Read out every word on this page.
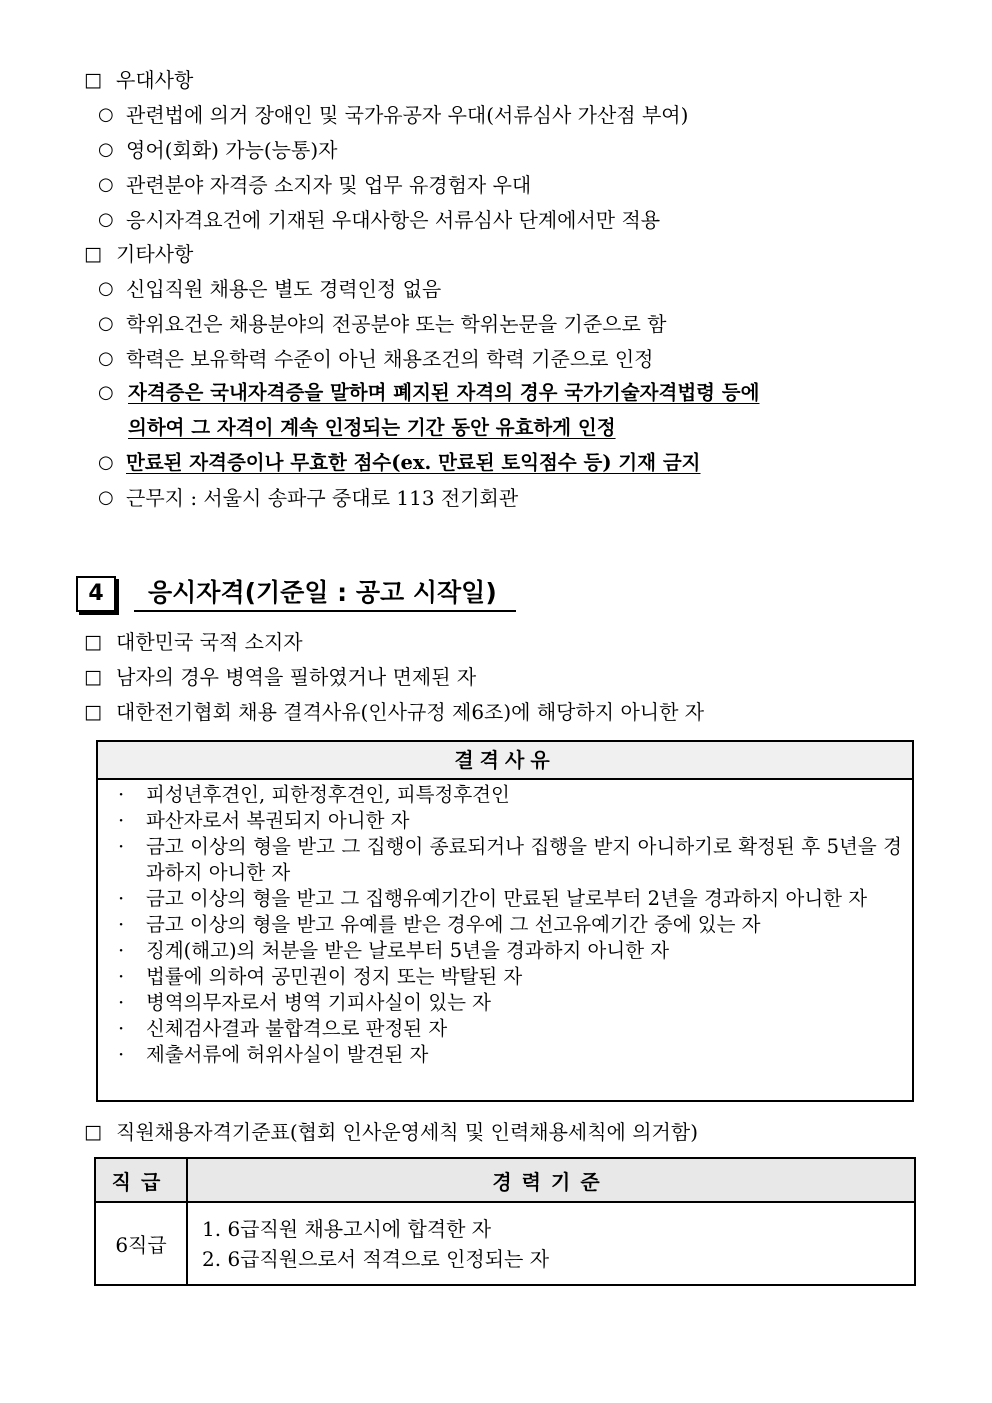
□ 우대사항
○ 관련법에 의거 장애인 및 국가유공자 우대(서류심사 가산점 부여)
○ 영어(회화) 가능(능통)자
○ 관련분야 자격증 소지자 및 업무 유경험자 우대
○ 응시자격요건에 기재된 우대사항은 서류심사 단계에서만 적용
□ 기타사항
○ 신입직원 채용은 별도 경력인정 없음
○ 학위요건은 채용분야의 전공분야 또는 학위논문을 기준으로 함
○ 학력은 보유학력 수준이 아닌 채용조건의 학력 기준으로 인정
○ 자격증은 국내자격증을 말하며 폐지된 자격의 경우 국가기술자격법령 등에
의하여 그 자격이 계속 인정되는 기간 동안 유효하게 인정
○ 만료된 자격증이나 무효한 점수(ex. 만료된 토익점수 등) 기재 금지
○ 근무지 : 서울시 송파구 중대로 113 전기회관
4	응시자격(기준일 : 공고 시작일)
□ 대한민국 국적 소지자
□ 남자의 경우 병역을 필하였거나 면제된 자
□ 대한전기협회 채용 결격사유(인사규정 제6조)에 해당하지 아니한 자
결격사유
· 피성년후견인, 피한정후견인, 피특정후견인
· 파산자로서 복권되지 아니한 자
· 금고 이상의 형을 받고 그 집행이 종료되거나 집행을 받지 아니하기로 확정된 후 5년을 경과하지 아니한 자
· 금고 이상의 형을 받고 그 집행유예기간이 만료된 날로부터 2년을 경과하지 아니한 자
· 금고 이상의 형을 받고 유예를 받은 경우에 그 선고유예기간 중에 있는 자
· 징계(해고)의 처분을 받은 날로부터 5년을 경과하지 아니한 자
· 법률에 의하여 공민권이 정지 또는 박탈된 자
· 병역의무자로서 병역 기피사실이 있는 자
· 신체검사결과 불합격으로 판정된 자
· 제출서류에 허위사실이 발견된 자
□ 직원채용자격기준표(협회 인사운영세칙 및 인력채용세칙에 의거함)
직급	경력기준
6직급	1. 6급직원 채용고시에 합격한 자
2. 6급직원으로서 적격으로 인정되는 자
